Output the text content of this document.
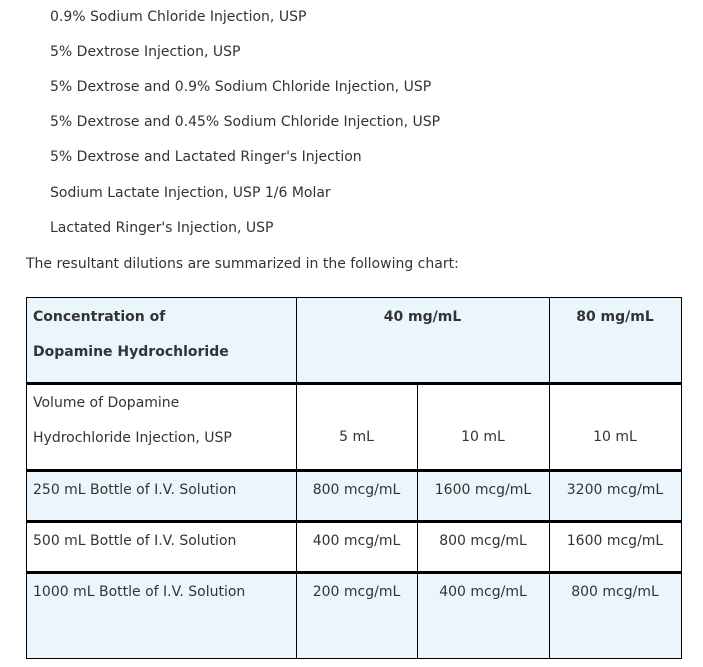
0.9% Sodium Chloride Injection, USP
5% Dextrose Injection, USP
5% Dextrose and 0.9% Sodium Chloride Injection, USP
5% Dextrose and 0.45% Sodium Chloride Injection, USP
5% Dextrose and Lactated Ringer's Injection
Sodium Lactate Injection, USP 1/6 Molar
Lactated Ringer's Injection, USP
The resultant dilutions are summarized in the following chart:
Concentration of
Dopamine Hydrochloride
40 mg/mL	80 mg/mL
Volume of Dopamine
Hydrochloride Injection, USP	5 mL	10 mL	10 mL
250 mL Bottle of I.V. Solution	800 mcg/mL	1600 mcg/mL	3200 mcg/mL
500 mL Bottle of I.V. Solution	400 mcg/mL	800 mcg/mL	1600 mcg/mL
1000 mL Bottle of I.V. Solution	200 mcg/mL	400 mcg/mL	800 mcg/mL
